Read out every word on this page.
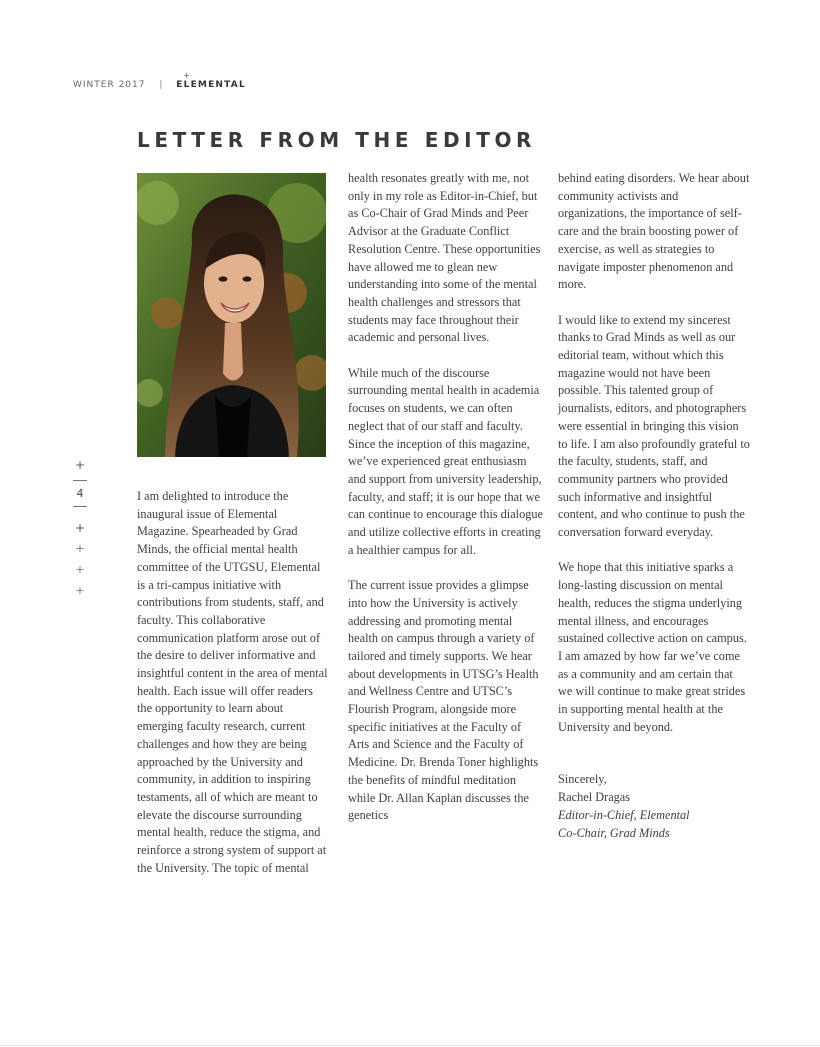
WINTER 2017 |
+
ELEMENTAL
LETTER FROM THE EDITOR
+
4
+
+
+
+

I am delighted to introduce the inaugural issue of Elemental Magazine. Spearheaded by Grad Minds, the official mental health committee of the UTGSU, Elemental is a tri-campus initiative with contributions from students, staff, and faculty. This collaborative communication platform arose out of the desire to deliver informative and insightful content in the area of mental health. Each issue will offer readers the opportunity to learn about emerging faculty research, current challenges and how they are being approached by the University and community, in addition to inspiring testaments, all of which are meant to elevate the discourse surrounding mental health, reduce the stigma, and reinforce a strong system of support at the University. The topic of mental

health resonates greatly with me, not only in my role as Editor-in-Chief, but as Co-Chair of Grad Minds and Peer Advisor at the Graduate Conflict Resolution Centre. These opportunities have allowed me to glean new understanding into some of the mental health challenges and stressors that students may face throughout their academic and personal lives.

While much of the discourse surrounding mental health in academia focuses on students, we can often neglect that of our staff and faculty. Since the inception of this magazine, we’ve experienced great enthusiasm and support from university leadership, faculty, and staff; it is our hope that we can continue to encourage this dialogue and utilize collective efforts in creating a healthier campus for all.

The current issue provides a glimpse into how the University is actively addressing and promoting mental health on campus through a variety of tailored and timely supports. We hear about developments in UTSG’s Health and Wellness Centre and UTSC’s Flourish Program, alongside more specific initiatives at the Faculty of Arts and Science and the Faculty of Medicine. Dr. Brenda Toner highlights the benefits of mindful meditation while Dr. Allan Kaplan discusses the genetics

behind eating disorders. We hear about community activists and organizations, the importance of self-care and the brain boosting power of exercise, as well as strategies to navigate imposter phenomenon and more.

I would like to extend my sincerest thanks to Grad Minds as well as our editorial team, without which this magazine would not have been possible. This talented group of journalists, editors, and photographers were essential in bringing this vision to life. I am also profoundly grateful to the faculty, students, staff, and community partners who provided such informative and insightful content, and who continue to push the conversation forward everyday.

We hope that this initiative sparks a long-lasting discussion on mental health, reduces the stigma underlying mental illness, and encourages sustained collective action on campus. I am amazed by how far we’ve come as a community and am certain that we will continue to make great strides in supporting mental health at the University and beyond.

Sincerely,
Rachel Dragas
Editor-in-Chief, Elemental
Co-Chair, Grad Minds
